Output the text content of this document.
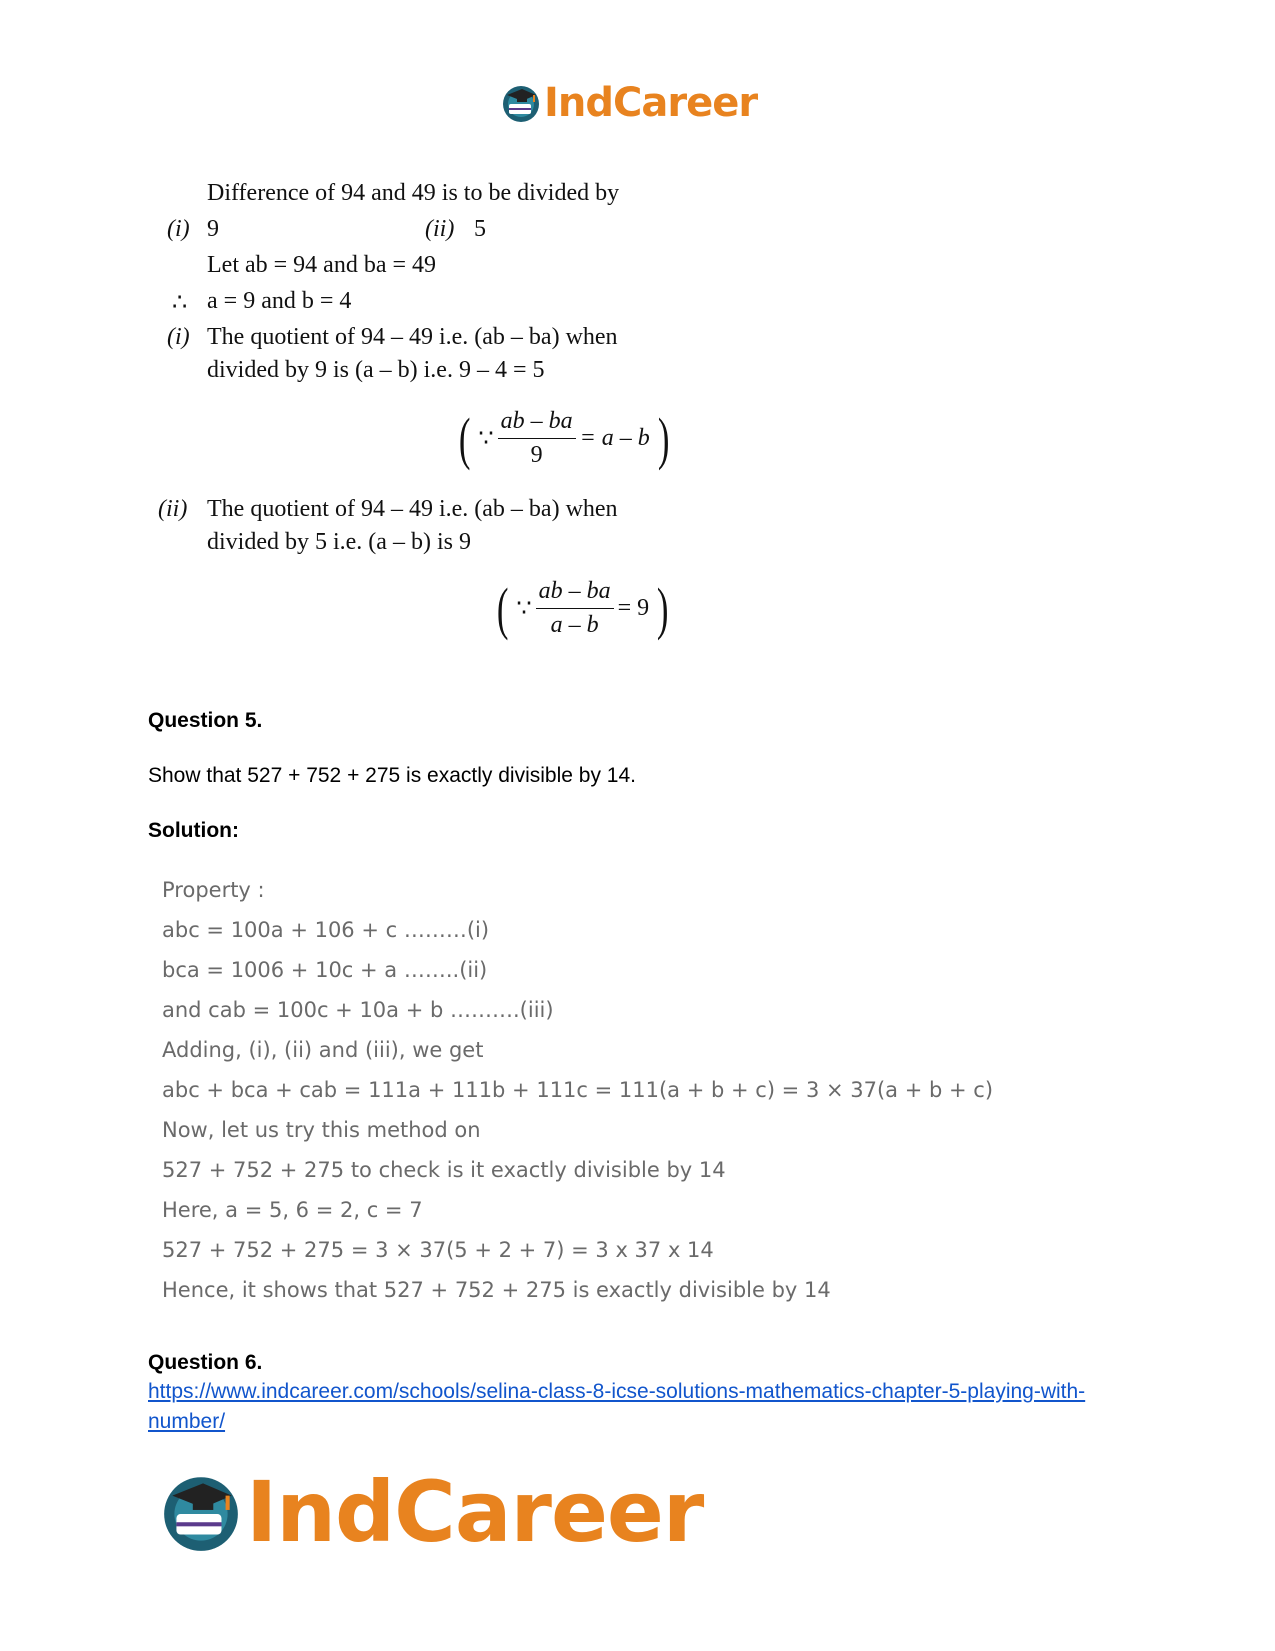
IndCareer
Difference of 94 and 49 is to be divided by
(i) 9	(ii) 5
Let ab = 94 and ba = 49
∴ a = 9 and b = 4
(i) The quotient of 94 – 49 i.e. (ab – ba) when
divided by 9 is (a – b) i.e. 9 – 4 = 5
( ∵ $\frac{ab - ba}{9} = a - b$ )
(ii) The quotient of 94 – 49 i.e. (ab – ba) when
divided by 5 i.e. (a – b) is 9
( ∵ $\frac{ab - ba}{a - b} = 9$ )
Question 5.
Show that 527 + 752 + 275 is exactly divisible by 14.
Solution:
Property :
abc = 100a + 106 + c ………(i)
bca = 1006 + 10c + a ……..(ii)
and cab = 100c + 10a + b ……….(iii)
Adding, (i), (ii) and (iii), we get
abc + bca + cab = 111a + 111b + 111c = 111(a + b + c) = 3 × 37(a + b + c)
Now, let us try this method on
527 + 752 + 275 to check is it exactly divisible by 14
Here, a = 5, 6 = 2, c = 7
527 + 752 + 275 = 3 × 37(5 + 2 + 7) = 3 x 37 x 14
Hence, it shows that 527 + 752 + 275 is exactly divisible by 14
Question 6.
https://www.indcareer.com/schools/selina-class-8-icse-solutions-mathematics-chapter-5-playing-with-number/
IndCareer
